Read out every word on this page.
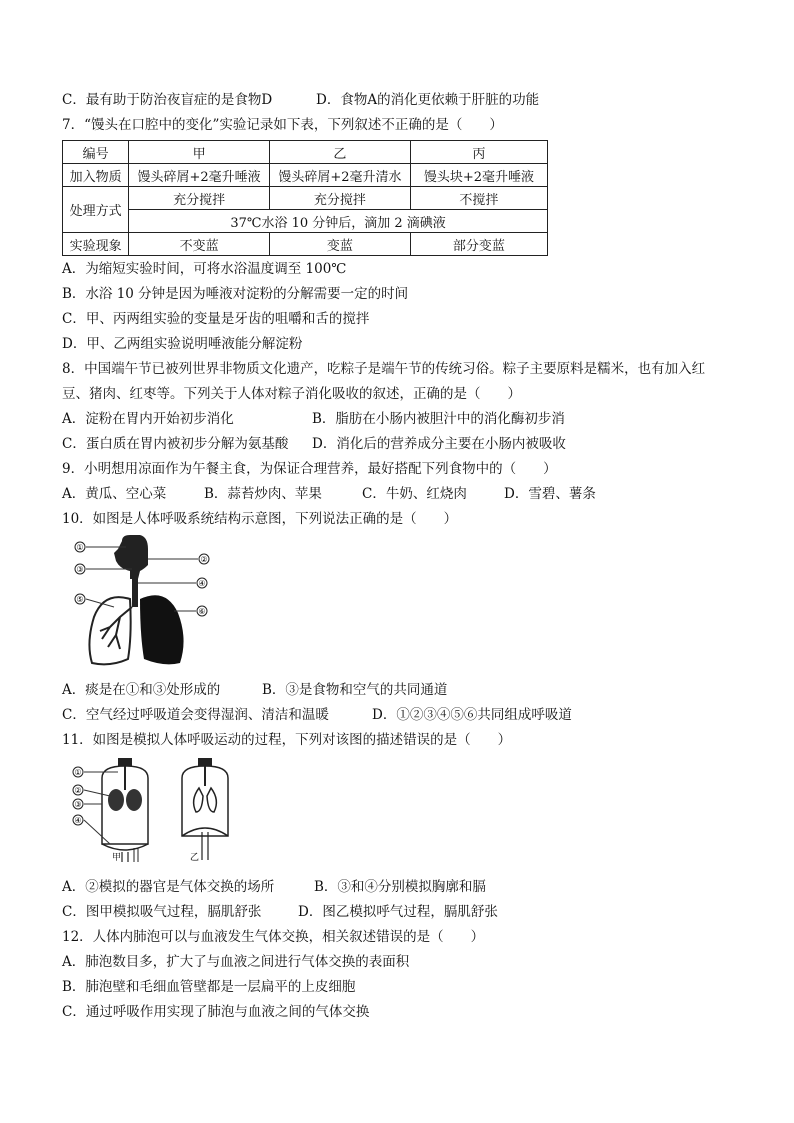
C．最有助于防治夜盲症的是食物D	D．食物A的消化更依赖于肝脏的功能
7．“馒头在口腔中的变化”实验记录如下表，下列叙述不正确的是（　　）
编号	甲	乙	丙
加入物质	馒头碎屑+2毫升唾液	馒头碎屑+2毫升清水	馒头块+2毫升唾液
处理方式	充分搅拌	充分搅拌	不搅拌
	37℃水浴 10 分钟后，滴加 2 滴碘液		
实验现象	不变蓝	变蓝	部分变蓝
A．为缩短实验时间，可将水浴温度调至 100℃
B．水浴 10 分钟是因为唾液对淀粉的分解需要一定的时间
C．甲、丙两组实验的变量是牙齿的咀嚼和舌的搅拌
D．甲、乙两组实验说明唾液能分解淀粉
8．中国端午节已被列世界非物质文化遗产，吃粽子是端午节的传统习俗。粽子主要原料是糯米，也有加入红
豆、猪肉、红枣等。下列关于人体对粽子消化吸收的叙述，正确的是（　　）
A．淀粉在胃内开始初步消化	B．脂肪在小肠内被胆汁中的消化酶初步消
C．蛋白质在胃内被初步分解为氨基酸	D．消化后的营养成分主要在小肠内被吸收
9．小明想用凉面作为午餐主食，为保证合理营养，最好搭配下列食物中的（　　）
A．黄瓜、空心菜	B．蒜苔炒肉、苹果	C．牛奶、红烧肉	D．雪碧、薯条
10．如图是人体呼吸系统结构示意图，下列说法正确的是（　　）
①
②
③
④
⑤
⑥
A．痰是在①和③处形成的	B．③是食物和空气的共同通道
C．空气经过呼吸道会变得湿润、清洁和温暖	D．①②③④⑤⑥共同组成呼吸道
11．如图是模拟人体呼吸运动的过程，下列对该图的描述错误的是（　　）
①
②
③
④
甲	乙
A．②模拟的器官是气体交换的场所	B．③和④分别模拟胸廓和膈
C．图甲模拟吸气过程，膈肌舒张	D．图乙模拟呼气过程，膈肌舒张
12．人体内肺泡可以与血液发生气体交换，相关叙述错误的是（　　）
A．肺泡数目多，扩大了与血液之间进行气体交换的表面积
B．肺泡壁和毛细血管壁都是一层扁平的上皮细胞
C．通过呼吸作用实现了肺泡与血液之间的气体交换
